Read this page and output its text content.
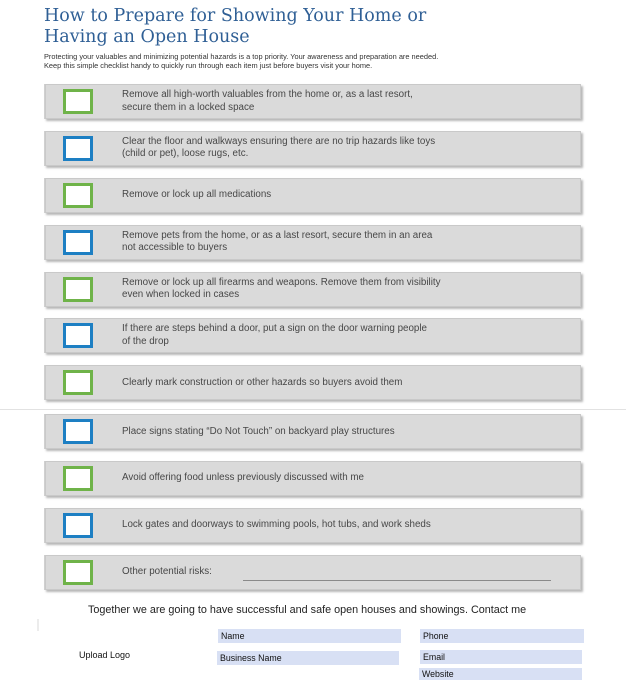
How to Prepare for Showing Your Home or
Having an Open House
Protecting your valuables and minimizing potential hazards is a top priority. Your awareness and preparation are needed.
Keep this simple checklist handy to quickly run through each item just before buyers visit your home.
Remove all high-worth valuables from the home or, as a last resort,
secure them in a locked space
Clear the floor and walkways ensuring there are no trip hazards like toys
(child or pet), loose rugs, etc.
Remove or lock up all medications
Remove pets from the home, or as a last resort, secure them in an area
not accessible to buyers
Remove or lock up all firearms and weapons. Remove them from visibility
even when locked in cases
If there are steps behind a door, put a sign on the door warning people
of the drop
Clearly mark construction or other hazards so buyers avoid them
Place signs stating “Do Not Touch” on backyard play structures
Avoid offering food unless previously discussed with me
Lock gates and doorways to swimming pools, hot tubs, and work sheds
Other potential risks:
Together we are going to have successful and safe open houses and showings. Contact me
Upload Logo
Name	Phone
Business Name	Email
Website
